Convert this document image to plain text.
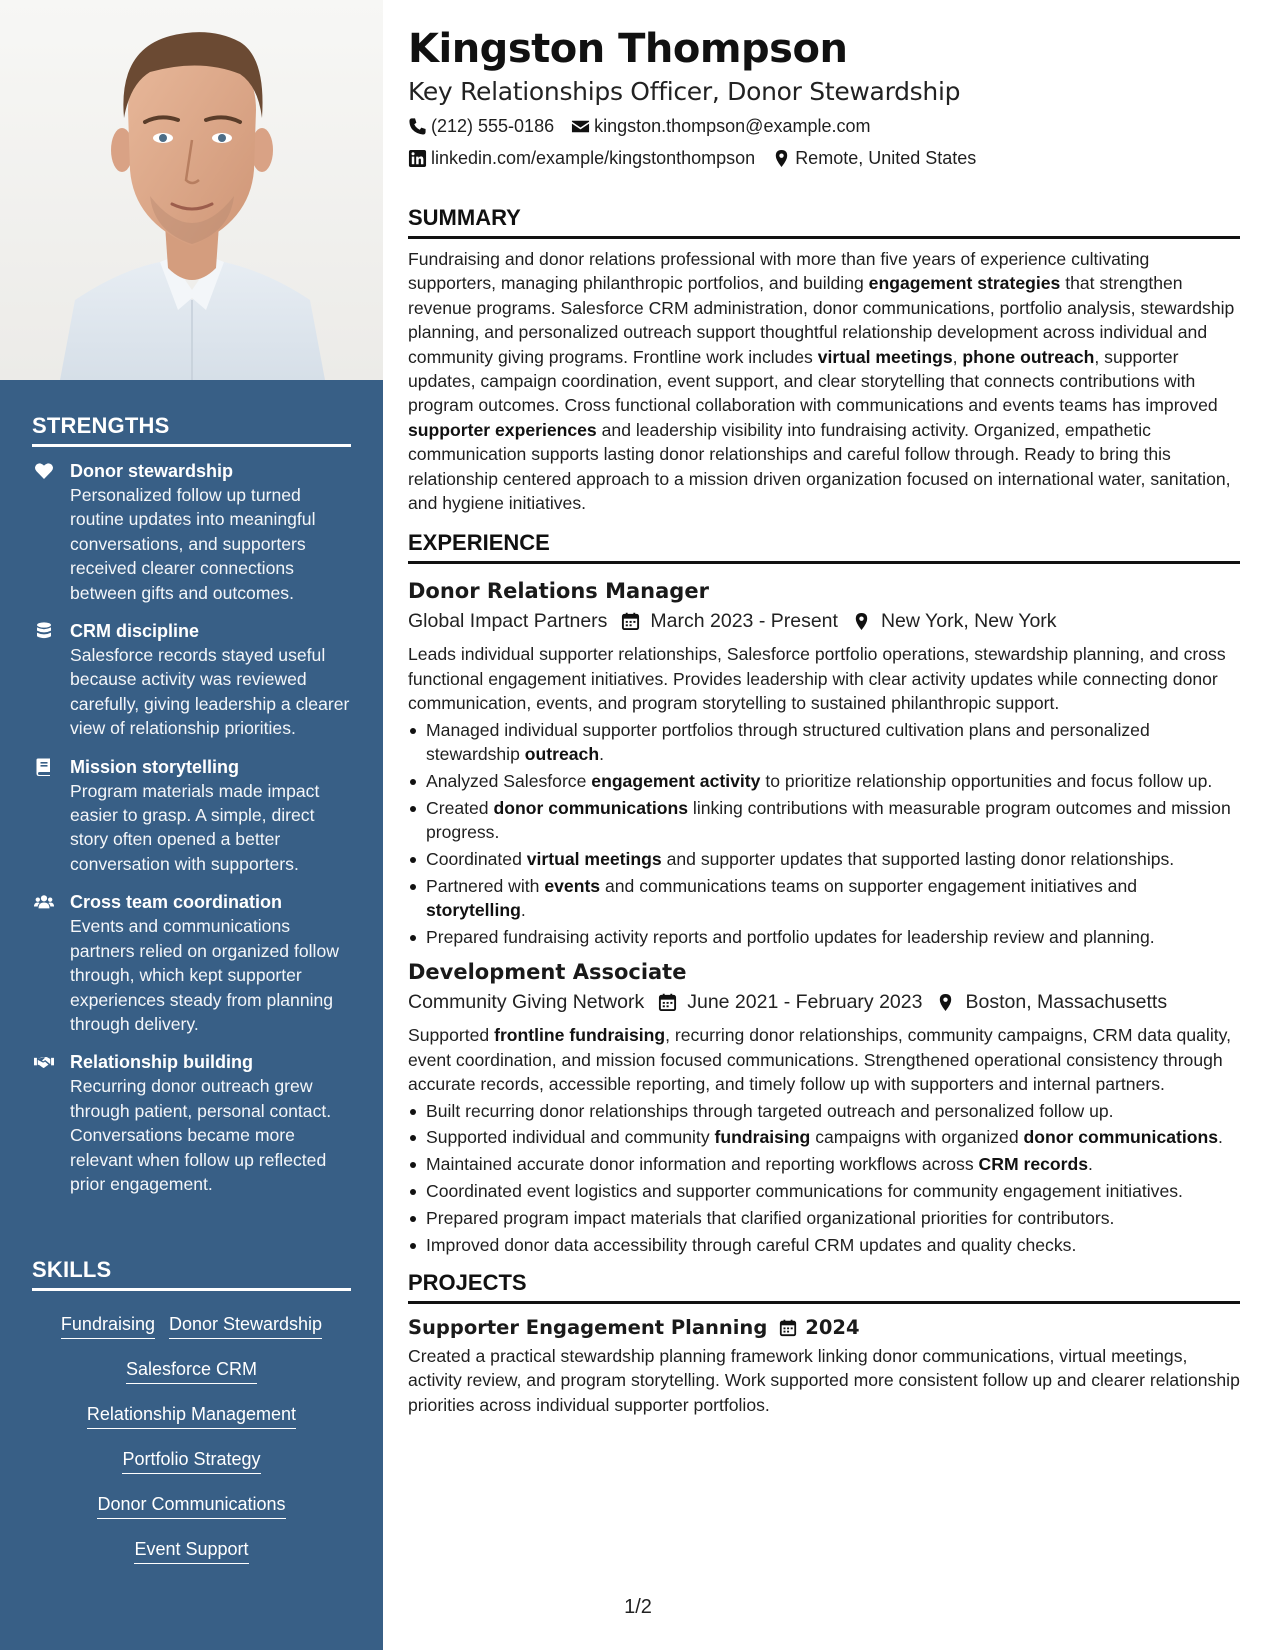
STRENGTHS
Donor stewardship
Personalized follow up turned routine updates into meaningful conversations, and supporters received clearer connections between gifts and outcomes.
CRM discipline
Salesforce records stayed useful because activity was reviewed carefully, giving leadership a clearer view of relationship priorities.
Mission storytelling
Program materials made impact easier to grasp. A simple, direct story often opened a better conversation with supporters.
Cross team coordination
Events and communications partners relied on organized follow through, which kept supporter experiences steady from planning through delivery.
Relationship building
Recurring donor outreach grew through patient, personal contact. Conversations became more relevant when follow up reflected prior engagement.
SKILLS
Fundraising Donor Stewardship
Salesforce CRM
Relationship Management
Portfolio Strategy
Donor Communications
Event Support
Kingston Thompson
Key Relationships Officer, Donor Stewardship
(212) 555-0186 kingston.thompson@example.com
linkedin.com/example/kingstonthompson Remote, United States
SUMMARY

Fundraising and donor relations professional with more than five years of experience cultivating supporters, managing philanthropic portfolios, and building engagement strategies that strengthen revenue programs. Salesforce CRM administration, donor communications, portfolio analysis, stewardship planning, and personalized outreach support thoughtful relationship development across individual and community giving programs. Frontline work includes virtual meetings, phone outreach, supporter updates, campaign coordination, event support, and clear storytelling that connects contributions with program outcomes. Cross functional collaboration with communications and events teams has improved supporter experiences and leadership visibility into fundraising activity. Organized, empathetic communication supports lasting donor relationships and careful follow through. Ready to bring this relationship centered approach to a mission driven organization focused on international water, sanitation, and hygiene initiatives.

EXPERIENCE
Donor Relations Manager
Global Impact Partners March 2023 - Present New York, New York

Leads individual supporter relationships, Salesforce portfolio operations, stewardship planning, and cross functional engagement initiatives. Provides leadership with clear activity updates while connecting donor communication, events, and program storytelling to sustained philanthropic support.

Managed individual supporter portfolios through structured cultivation plans and personalized stewardship outreach.
Analyzed Salesforce engagement activity to prioritize relationship opportunities and focus follow up.
Created donor communications linking contributions with measurable program outcomes and mission progress.
Coordinated virtual meetings and supporter updates that supported lasting donor relationships.
Partnered with events and communications teams on supporter engagement initiatives and storytelling.
Prepared fundraising activity reports and portfolio updates for leadership review and planning.
Development Associate
Community Giving Network June 2021 - February 2023 Boston, Massachusetts

Supported frontline fundraising, recurring donor relationships, community campaigns, CRM data quality, event coordination, and mission focused communications. Strengthened operational consistency through accurate records, accessible reporting, and timely follow up with supporters and internal partners.

Built recurring donor relationships through targeted outreach and personalized follow up.
Supported individual and community fundraising campaigns with organized donor communications.
Maintained accurate donor information and reporting workflows across CRM records.
Coordinated event logistics and supporter communications for community engagement initiatives.
Prepared program impact materials that clarified organizational priorities for contributors.
Improved donor data accessibility through careful CRM updates and quality checks.
PROJECTS
Supporter Engagement Planning 2024

Created a practical stewardship planning framework linking donor communications, virtual meetings, activity review, and program storytelling. Work supported more consistent follow up and clearer relationship priorities across individual supporter portfolios.

1/2
